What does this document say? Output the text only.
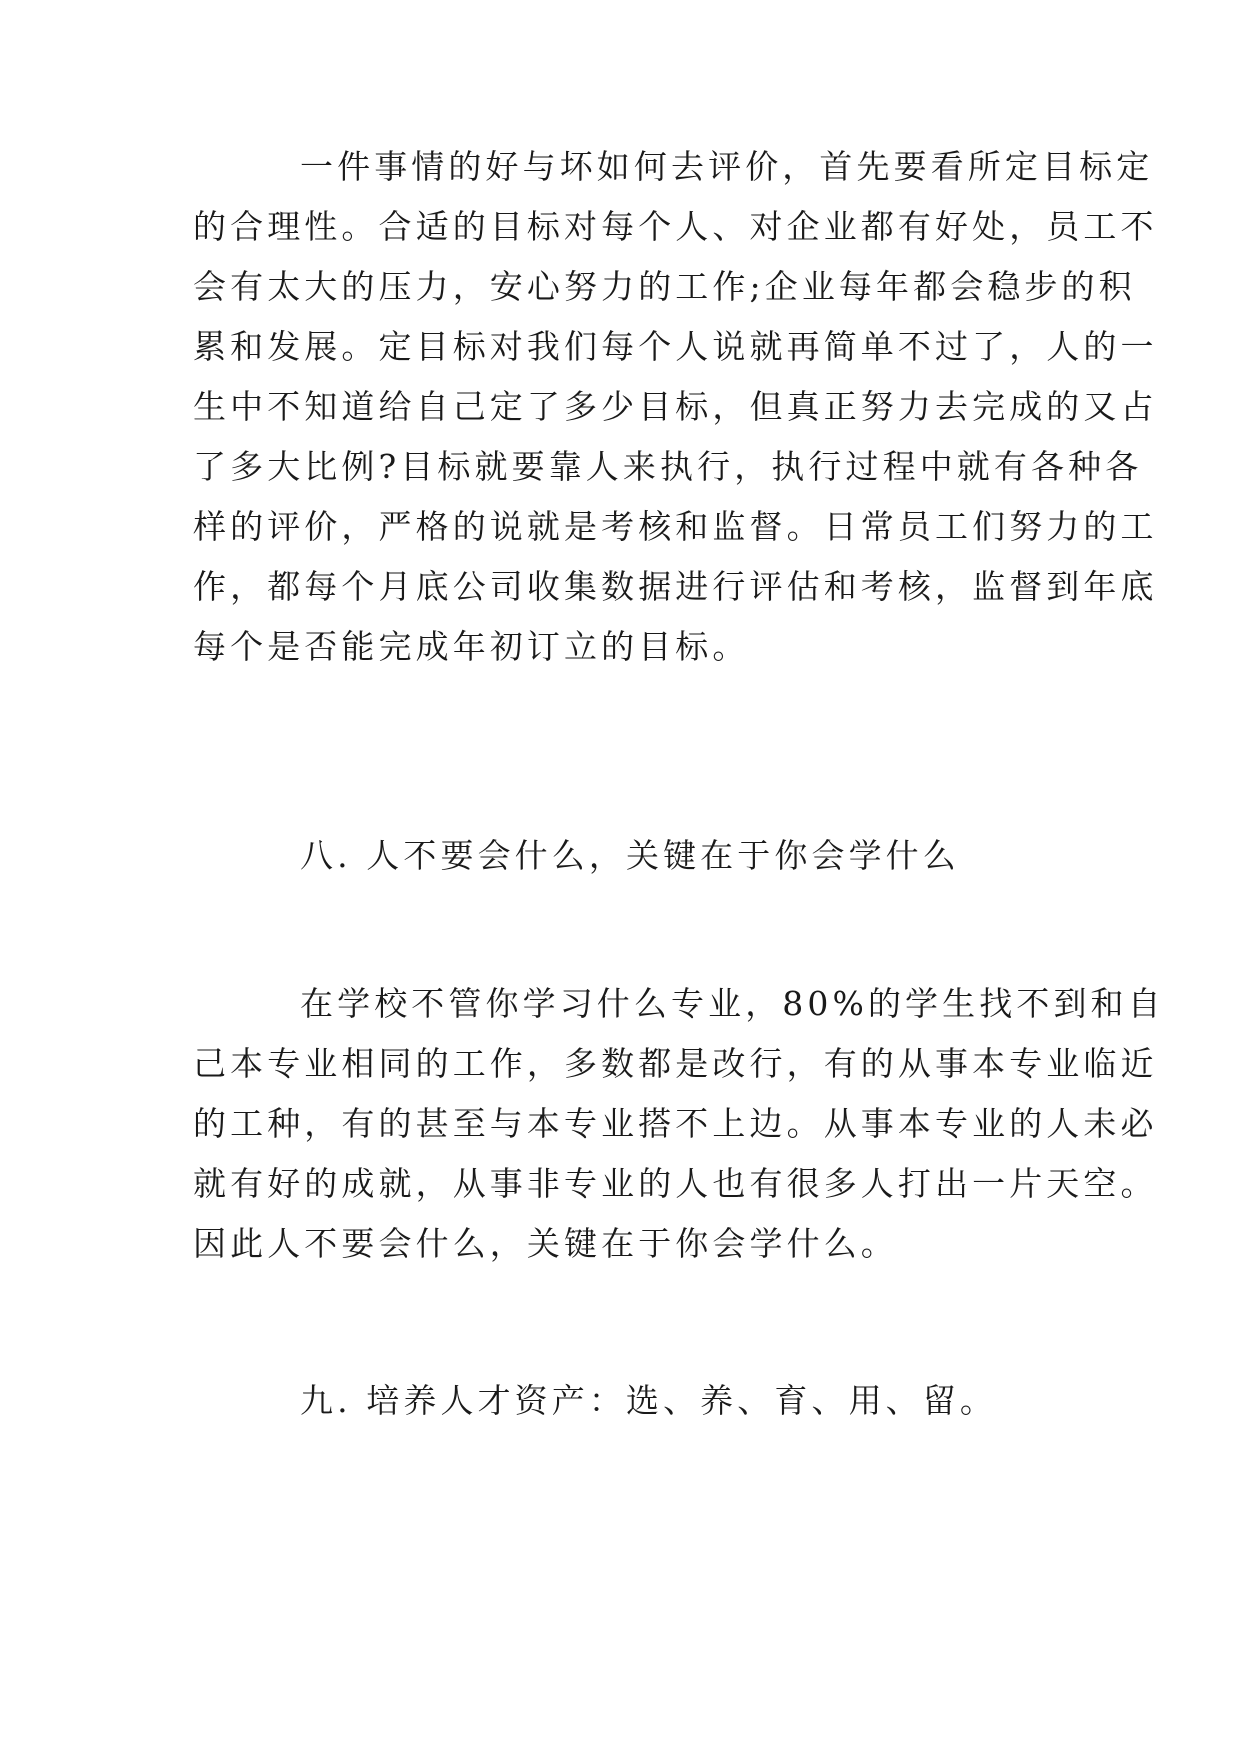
一件事情的好与坏如何去评价，首先要看所定目标定
的合理性。合适的目标对每个人、对企业都有好处，员工不
会有太大的压力，安心努力的工作;企业每年都会稳步的积
累和发展。定目标对我们每个人说就再简单不过了，人的一
生中不知道给自己定了多少目标，但真正努力去完成的又占
了多大比例?目标就要靠人来执行，执行过程中就有各种各
样的评价，严格的说就是考核和监督。日常员工们努力的工
作，都每个月底公司收集数据进行评估和考核，监督到年底
每个是否能完成年初订立的目标。
八. 人不要会什么，关键在于你会学什么
在学校不管你学习什么专业，80%的学生找不到和自
己本专业相同的工作，多数都是改行，有的从事本专业临近
的工种，有的甚至与本专业搭不上边。从事本专业的人未必
就有好的成就，从事非专业的人也有很多人打出一片天空。
因此人不要会什么，关键在于你会学什么。
九. 培养人才资产：选、养、育、用、留。
